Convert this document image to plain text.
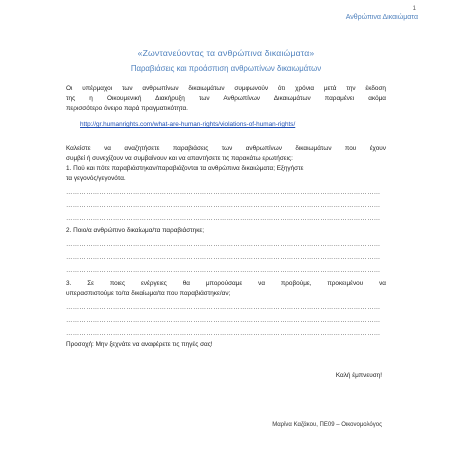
1
Ανθρώπινα Δικαιώματα
«Ζωντανεύοντας τα ανθρώπινα δικαιώματα»
Παραβιάσεις και προάσπιση ανθρωπίνων δικαιωμάτων
Οι υπέρμαχοι των ανθρωπίνων δικαιωμάτων συμφωνούν ότι χρόνια μετά την έκδοση
της η Οικουμενική Διακήρυξη των Ανθρωπίνων Δικαιωμάτων παραμένει ακόμα
περισσότερο όνειρο παρά πραγματικότητα.
http://gr.humanrights.com/what-are-human-rights/violations-of-human-rights/
Καλείστε να αναζητήσετε παραβιάσεις των ανθρωπίνων δικαιωμάτων που έχουν
συμβεί ή συνεχίζουν να συμβαίνουν και να απαντήσετε τις παρακάτω ερωτήσεις:
1. Πού και πότε παραβιάστηκαν/παραβιάζονται τα ανθρώπινα δικαιώματα; Εξηγήστε
τα γεγονός/γεγονότα.
……………………………………………………………………………………………………………………………
……………………………………………………………………………………………………………………………
……………………………………………………………………………………………………………………………
2. Ποιο/α ανθρώπινο δικαίωμα/τα παραβιάστηκε;
……………………………………………………………………………………………………………………………
……………………………………………………………………………………………………………………………
……………………………………………………………………………………………………………………………
3. Σε ποιες ενέργειες θα μπορούσαμε να προβούμε, προκειμένου να
υπερασπιστούμε το/τα δικαίωμα/τα που παραβιάστηκε/αν;
……………………………………………………………………………………………………………………………
……………………………………………………………………………………………………………………………
……………………………………………………………………………………………………………………………
Προσοχή: Μην ξεχνάτε να αναφέρετε τις πηγές σας!
Καλή έμπνευση!
Μαρίνα Καζάκου, ΠΕ09 – Οικονομολόγος
